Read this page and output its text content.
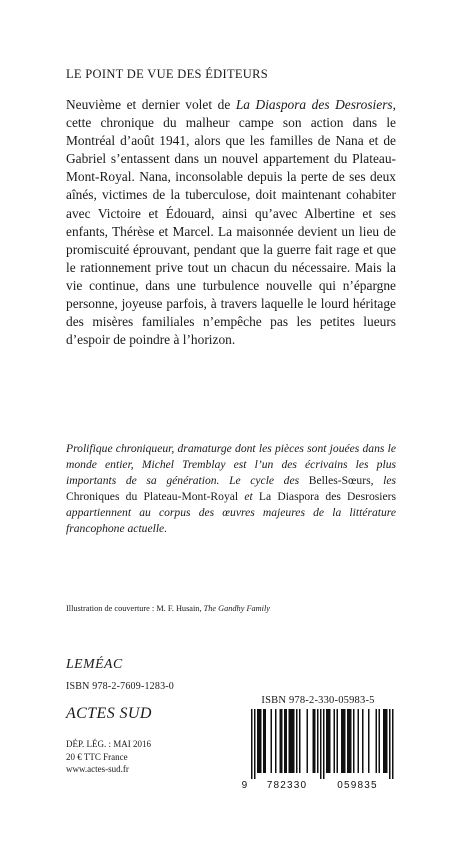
LE POINT DE VUE DES ÉDITEURS

Neuvième et dernier volet de La Diaspora des Desrosiers, cette chronique du malheur campe son action dans le Montréal d’août 1941, alors que les familles de Nana et de Gabriel s’entassent dans un nouvel appartement du Plateau-Mont-Royal. Nana, inconsolable depuis la perte de ses deux aînés, victimes de la tuberculose, doit maintenant cohabiter avec Victoire et Édouard, ainsi qu’avec Albertine et ses enfants, Thérèse et Marcel. La maisonnée devient un lieu de promiscuité éprouvant, pendant que la guerre fait rage et que le rationnement prive tout un chacun du nécessaire. Mais la vie continue, dans une turbulence nouvelle qui n’épargne personne, joyeuse parfois, à travers laquelle le lourd héritage des misères familiales n’empêche pas les petites lueurs d’espoir de poindre à l’horizon.

Prolifique chroniqueur, dramaturge dont les pièces sont jouées dans le monde entier, Michel Tremblay est l’un des écrivains les plus importants de sa génération. Le cycle des Belles-Sœurs, les Chroniques du Plateau-Mont-Royal et La Diaspora des Desrosiers appartiennent au corpus des œuvres majeures de la littérature francophone actuelle.
Illustration de couverture : M. F. Husain, The Gandhy Family
LEMÉAC
ISBN 978-2-7609-1283-0
ACTES SUD
DÉP. LÉG. : MAI 2016
20 € TTC France
www.actes-sud.fr
ISBN 978-2-330-05983-5
9 782330	059835
